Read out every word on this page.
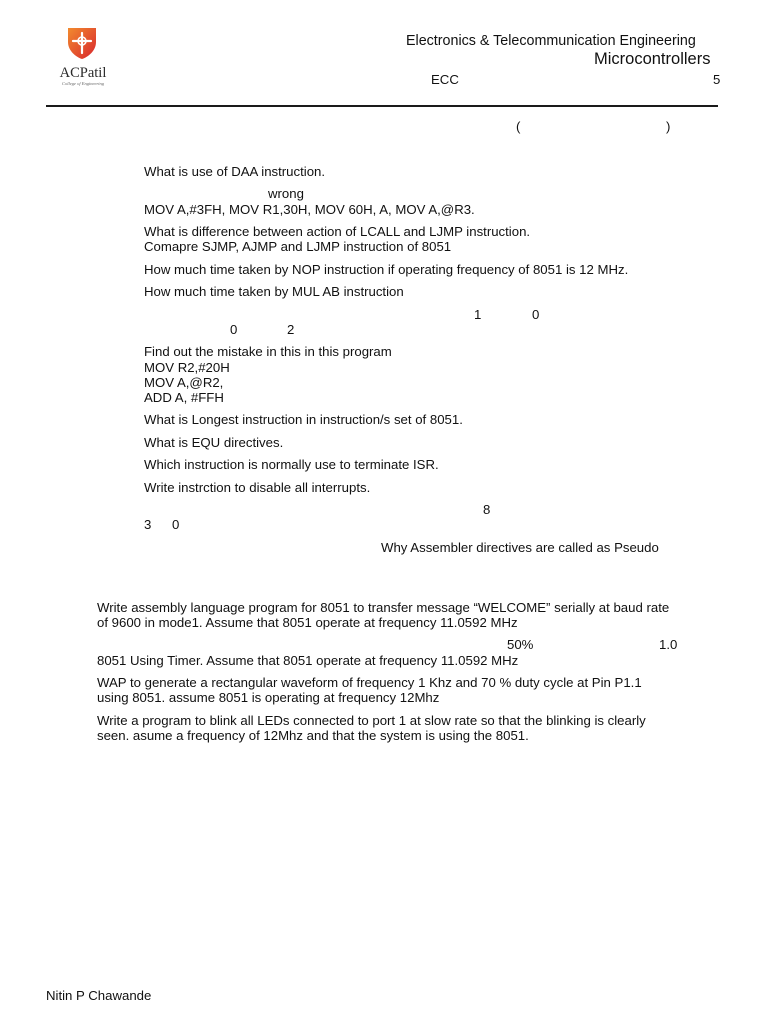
ACPatil
College of Engineering
Electronics & Telecommunication Engineering
Microcontrollers
ECC	5
(	)
What is use of DAA instruction.
wrong
MOV A,#3FH, MOV R1,30H, MOV 60H, A, MOV A,@R3.
What is difference between action of LCALL and LJMP instruction.
Comapre SJMP, AJMP and LJMP instruction of 8051
How much time taken by NOP instruction if operating frequency of 8051 is 12 MHz.
How much time taken by MUL AB instruction
1	0
0	2
Find out the mistake in this in this program
MOV R2,#20H
MOV A,@R2,
ADD A, #FFH
What is Longest instruction in instruction/s set of 8051.
What is EQU directives.
Which instruction is normally use to terminate ISR.
Write instrction to disable all interrupts.
8
3 0
Why Assembler directives are called as Pseudo
Write assembly language program for 8051 to transfer message “WELCOME” serially at baud rate
of 9600 in mode1. Assume that 8051 operate at frequency 11.0592 MHz
50%	1.0
8051 Using Timer. Assume that 8051 operate at frequency 11.0592 MHz
WAP to generate a rectangular waveform of frequency 1 Khz and 70 % duty cycle at Pin P1.1
using 8051. assume 8051 is operating at frequency 12Mhz
Write a program to blink all LEDs connected to port 1 at slow rate so that the blinking is clearly
seen. asume a frequency of 12Mhz and that the system is using the 8051.
Nitin P Chawande
